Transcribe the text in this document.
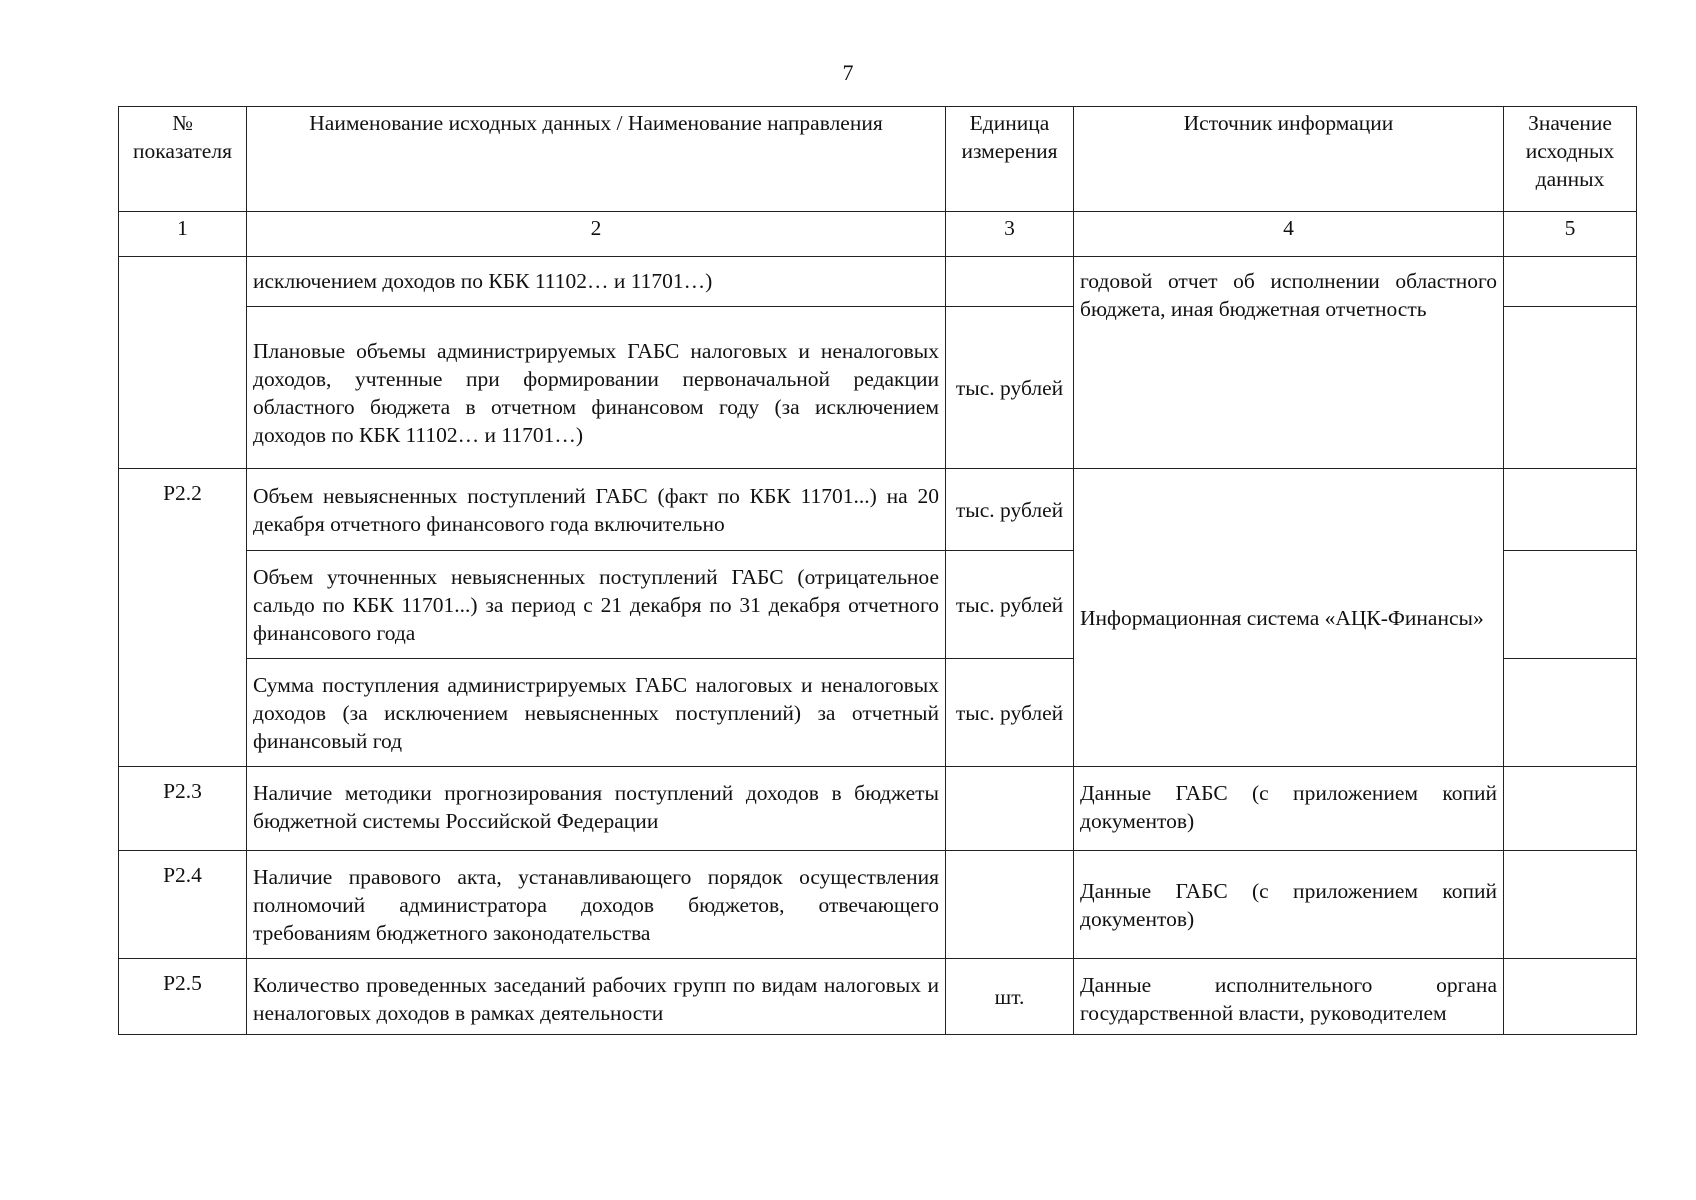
7
№ показателя	Наименование исходных данных / Наименование направления	Единица измерения	Источник информации	Значение исходных данных
1	2	3	4	5
	исключением доходов по КБК 11102… и 11701…)		годовой отчет об исполнении областного бюджета, иная бюджетная отчетность	
	Плановые объемы администрируемых ГАБС налоговых и неналоговых доходов, учтенные при формировании первоначальной редакции областного бюджета в отчетном финансовом году (за исключением доходов по КБК 11102… и 11701…)	тыс. рублей		
Р2.2	Объем невыясненных поступлений ГАБС (факт по КБК 11701...) на 20 декабря отчетного финансового года включительно	тыс. рублей	Информационная система «АЦК-Финансы»	
	Объем уточненных невыясненных поступлений ГАБС (отрицательное сальдо по КБК 11701...) за период с 21 декабря по 31 декабря отчетного финансового года	тыс. рублей		
	Сумма поступления администрируемых ГАБС налоговых и неналоговых доходов (за исключением невыясненных поступлений) за отчетный финансовый год	тыс. рублей		
Р2.3	Наличие методики прогнозирования поступлений доходов в бюджеты бюджетной системы Российской Федерации		Данные ГАБС (с приложением копий документов)	
Р2.4	Наличие правового акта, устанавливающего порядок осуществления полномочий администратора доходов бюджетов, отвечающего требованиям бюджетного законодательства		Данные ГАБС (с приложением копий документов)	
Р2.5	Количество проведенных заседаний рабочих групп по видам налоговых и неналоговых доходов в рамках деятельности	шт.	Данные исполнительного органа государственной власти, руководителем	
